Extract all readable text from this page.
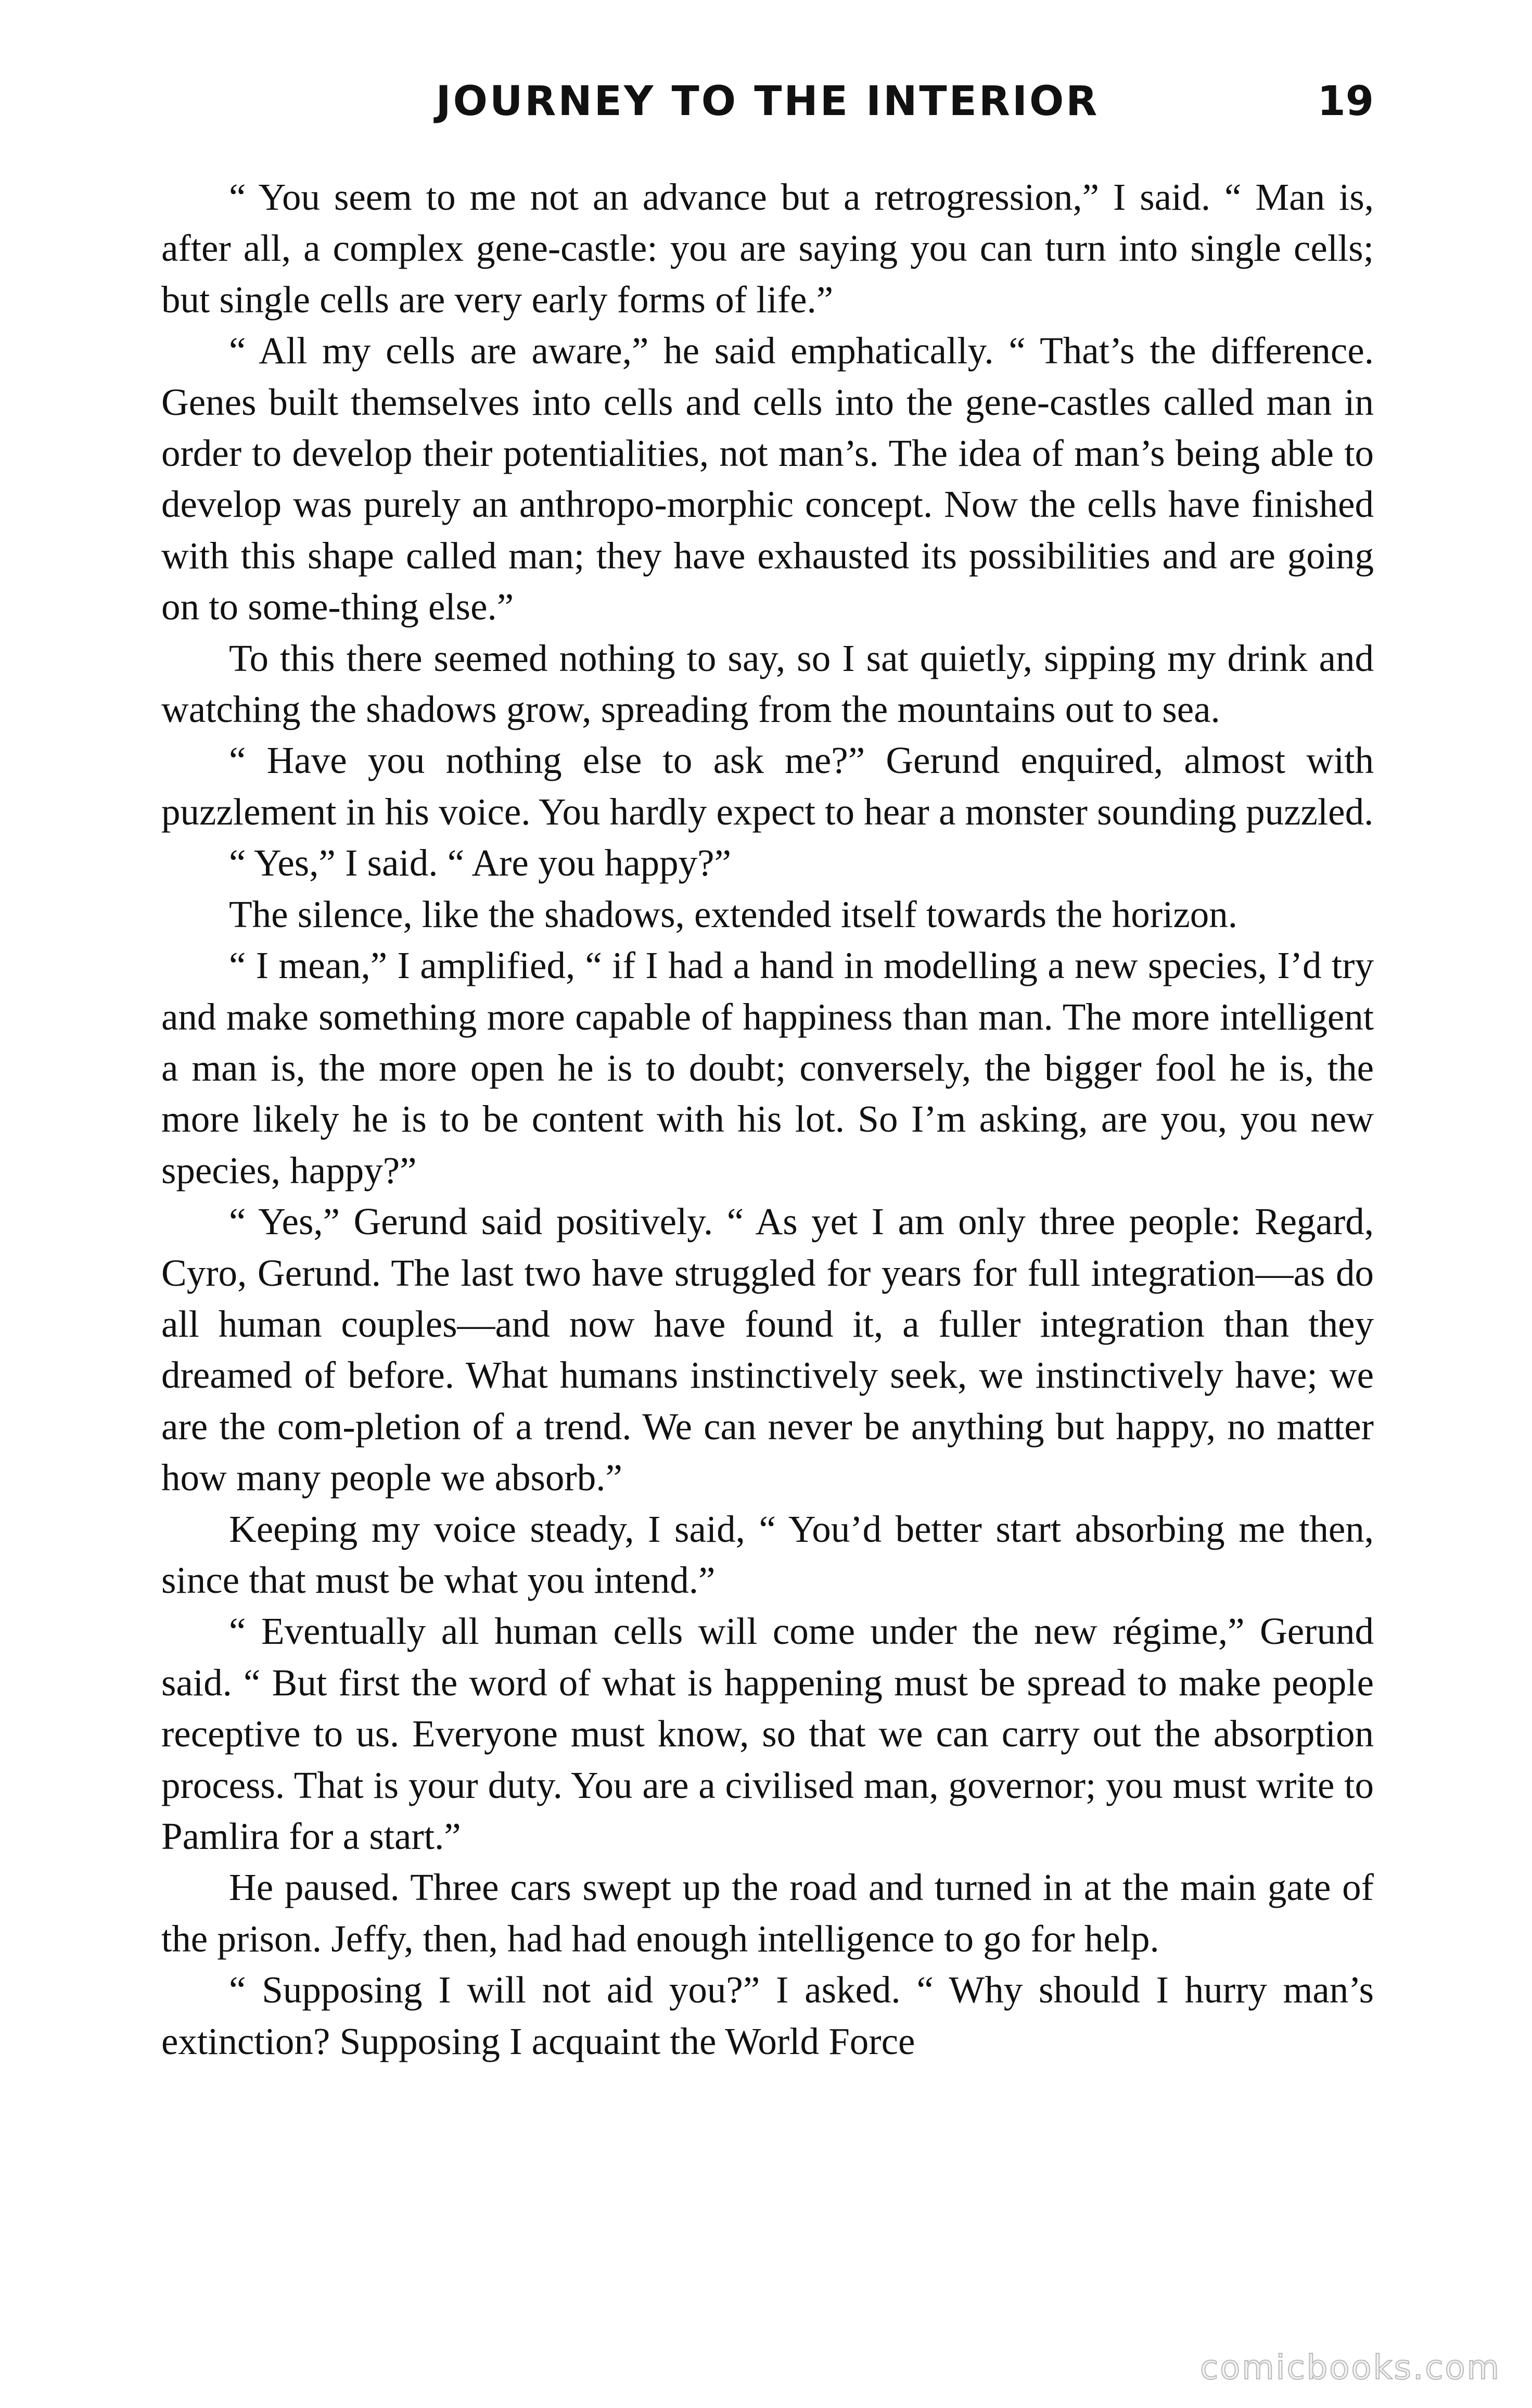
JOURNEY TO THE INTERIOR	19

“ You seem to me not an advance but a retrogression,” I said. “ Man is, after all, a complex gene-castle: you are saying you can turn into single cells; but single cells are very early forms of life.”

“ All my cells are aware,” he said emphatically. “ That’s the difference. Genes built themselves into cells and cells into the gene-castles called man in order to develop their potentialities, not man’s. The idea of man’s being able to develop was purely an anthropo-morphic concept. Now the cells have finished with this shape called man; they have exhausted its possibilities and are going on to some-thing else.”

To this there seemed nothing to say, so I sat quietly, sipping my drink and watching the shadows grow, spreading from the mountains out to sea.

“ Have you nothing else to ask me?” Gerund enquired, almost with puzzlement in his voice. You hardly expect to hear a monster sounding puzzled.

“ Yes,” I said. “ Are you happy?”

The silence, like the shadows, extended itself towards the horizon.

“ I mean,” I amplified, “ if I had a hand in modelling a new species, I’d try and make something more capable of happiness than man. The more intelligent a man is, the more open he is to doubt; conversely, the bigger fool he is, the more likely he is to be content with his lot. So I’m asking, are you, you new species, happy?”

“ Yes,” Gerund said positively. “ As yet I am only three people: Regard, Cyro, Gerund. The last two have struggled for years for full integration—as do all human couples—and now have found it, a fuller integration than they dreamed of before. What humans instinctively seek, we instinctively have; we are the com-pletion of a trend. We can never be anything but happy, no matter how many people we absorb.”

Keeping my voice steady, I said, “ You’d better start absorbing me then, since that must be what you intend.”

“ Eventually all human cells will come under the new régime,” Gerund said. “ But first the word of what is happening must be spread to make people receptive to us. Everyone must know, so that we can carry out the absorption process. That is your duty. You are a civilised man, governor; you must write to Pamlira for a start.”

He paused. Three cars swept up the road and turned in at the main gate of the prison. Jeffy, then, had had enough intelligence to go for help.

“ Supposing I will not aid you?” I asked. “ Why should I hurry man’s extinction? Supposing I acquaint the World Force

comicbooks.com
